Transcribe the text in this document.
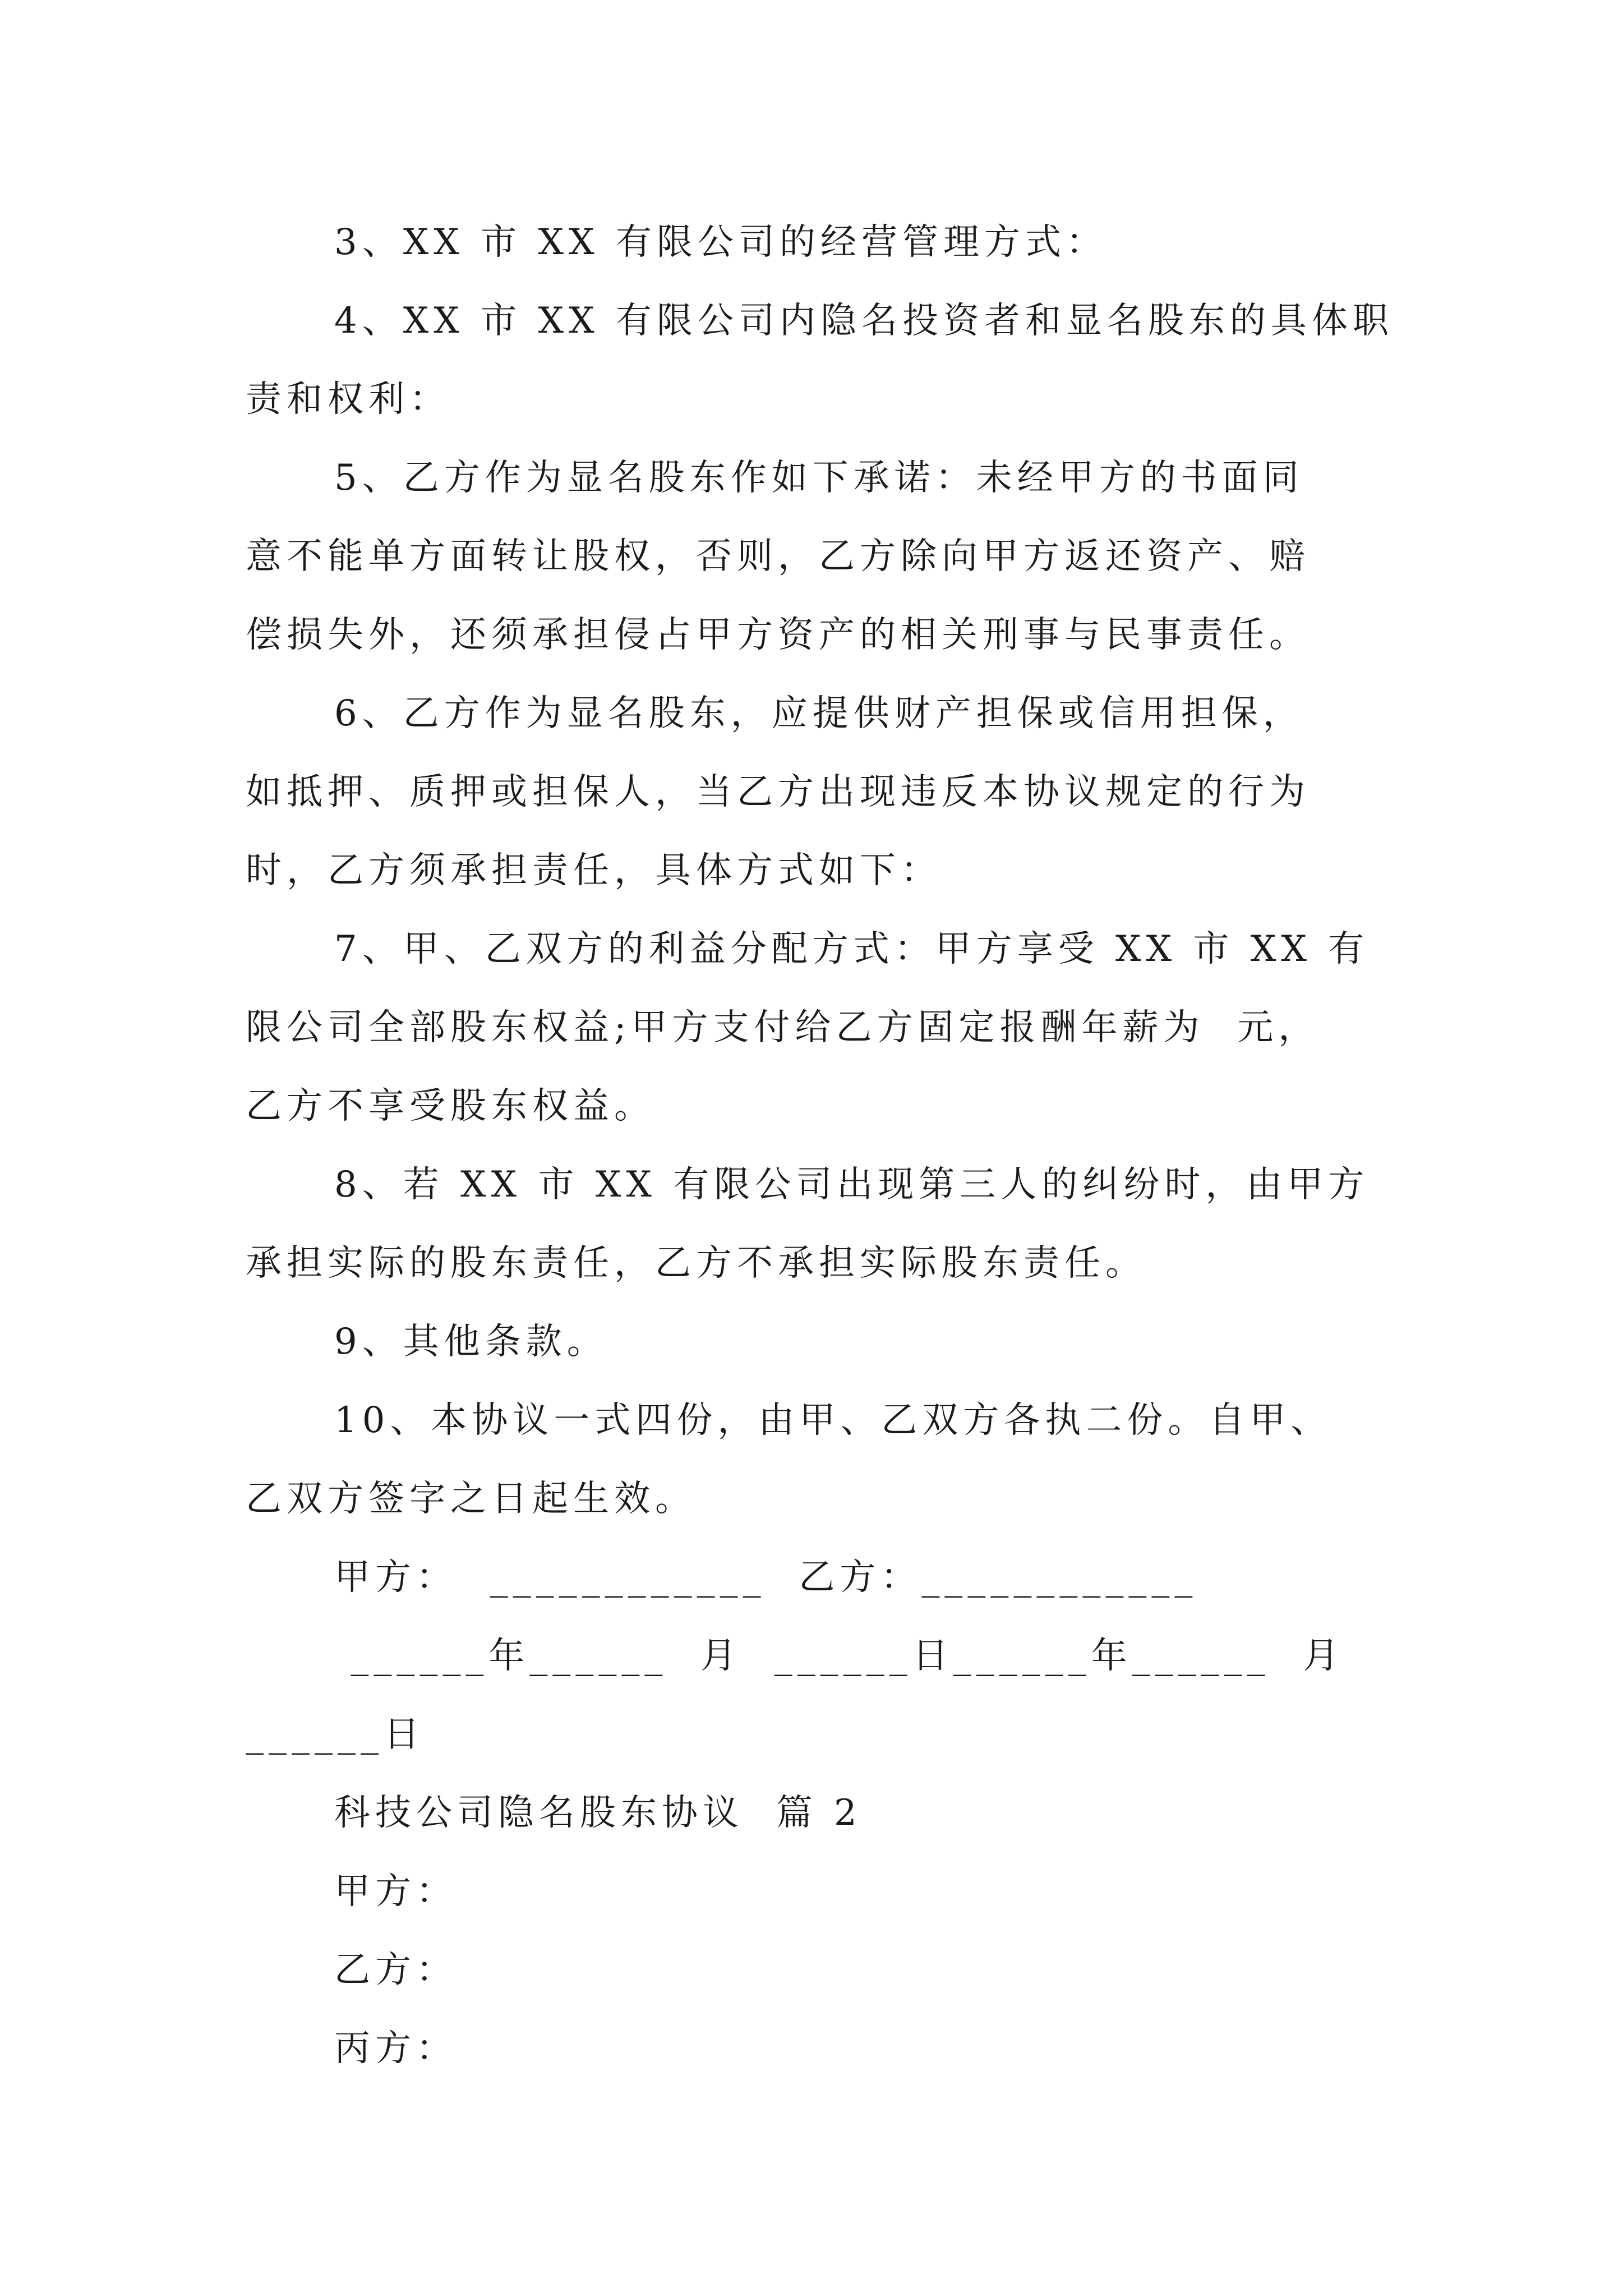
3、XX 市 XX 有限公司的经营管理方式：
4、XX 市 XX 有限公司内隐名投资者和显名股东的具体职
责和权利：
5、乙方作为显名股东作如下承诺：未经甲方的书面同
意不能单方面转让股权，否则，乙方除向甲方返还资产、赔
偿损失外，还须承担侵占甲方资产的相关刑事与民事责任。
6、乙方作为显名股东，应提供财产担保或信用担保，
如抵押、质押或担保人，当乙方出现违反本协议规定的行为
时，乙方须承担责任，具体方式如下：
7、甲、乙双方的利益分配方式：甲方享受 XX 市 XX 有
限公司全部股东权益;甲方支付给乙方固定报酬年薪为  元，
乙方不享受股东权益。
8、若 XX 市 XX 有限公司出现第三人的纠纷时，由甲方
承担实际的股东责任，乙方不承担实际股东责任。
9、其他条款。
10、本协议一式四份，由甲、乙双方各执二份。自甲、
乙双方签字之日起生效。
甲方：  ____________  乙方：____________
______年______  月  ______日______年______  月
______日
科技公司隐名股东协议  篇 2
甲方：
乙方：
丙方：
